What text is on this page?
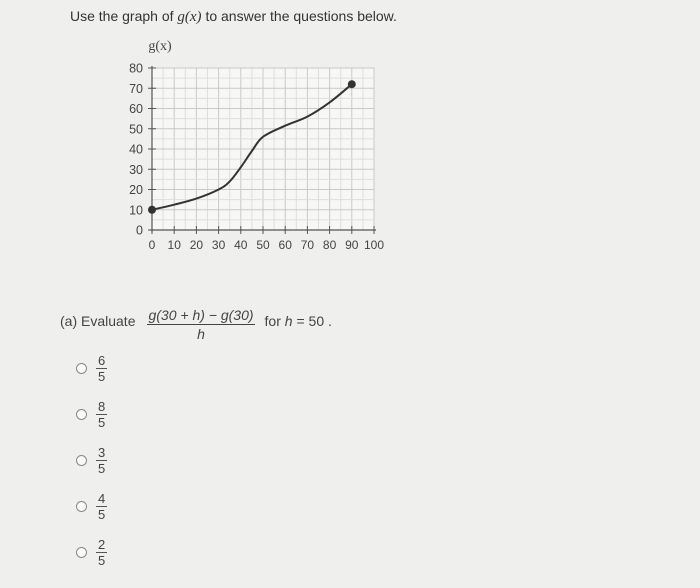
Use the graph of g(x) to answer the questions below.
0
10
20
30
40
50
60
70
80
0 10 20 30 40 50 60 70 80 90 100
g(x)
(a) Evaluate $\frac{g(30 + h) - g(30)}{h}$ for
h
= 50 .
$\frac{6}{5}$
$\frac{8}{5}$
$\frac{3}{5}$
$\frac{4}{5}$
$\frac{2}{5}$
